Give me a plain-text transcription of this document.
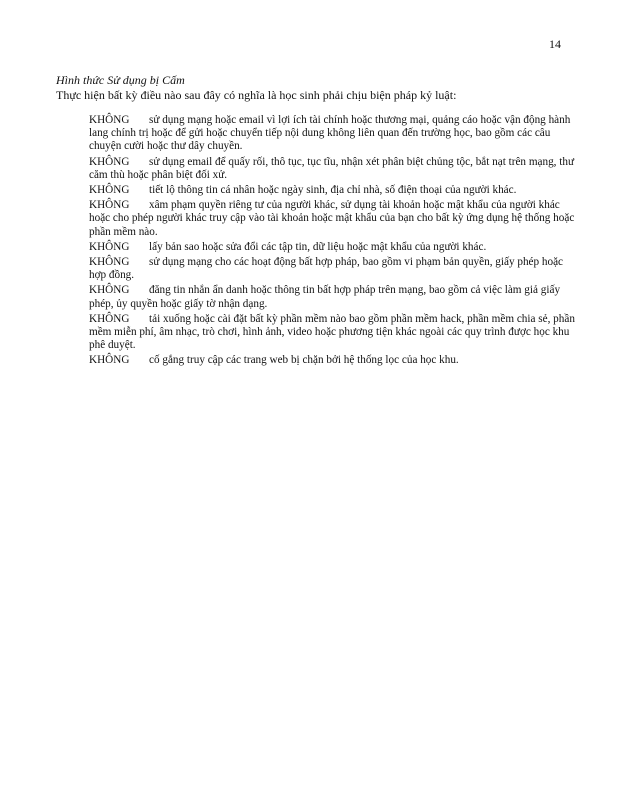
14
Hình thức Sử dụng bị Cấm
Thực hiện bất kỳ điều nào sau đây có nghĩa là học sinh phải chịu biện pháp kỷ luật:
KHÔNG sử dụng mạng hoặc email vì lợi ích tài chính hoặc thương mại, quảng cáo hoặc vận động hành lang chính trị hoặc để gửi hoặc chuyển tiếp nội dung không liên quan đến trường học, bao gồm các câu chuyện cười hoặc thư dây chuyền.
KHÔNG sử dụng email để quấy rối, thô tục, tục tĩu, nhận xét phân biệt chủng tộc, bắt nạt trên mạng, thư căm thù hoặc phân biệt đối xử.
KHÔNG tiết lộ thông tin cá nhân hoặc ngày sinh, địa chỉ nhà, số điện thoại của người khác.
KHÔNG xâm phạm quyền riêng tư của người khác, sử dụng tài khoản hoặc mật khẩu của người khác hoặc cho phép người khác truy cập vào tài khoản hoặc mật khẩu của bạn cho bất kỳ ứng dụng hệ thống hoặc phần mềm nào.
KHÔNG lấy bản sao hoặc sửa đổi các tập tin, dữ liệu hoặc mật khẩu của người khác.
KHÔNG sử dụng mạng cho các hoạt động bất hợp pháp, bao gồm vi phạm bản quyền, giấy phép hoặc hợp đồng.
KHÔNG đăng tin nhắn ẩn danh hoặc thông tin bất hợp pháp trên mạng, bao gồm cả việc làm giả giấy phép, ủy quyền hoặc giấy tờ nhận dạng.
KHÔNG tải xuống hoặc cài đặt bất kỳ phần mềm nào bao gồm phần mềm hack, phần mềm chia sẻ, phần mềm miễn phí, âm nhạc, trò chơi, hình ảnh, video hoặc phương tiện khác ngoài các quy trình được học khu phê duyệt.
KHÔNG cố gắng truy cập các trang web bị chặn bởi hệ thống lọc của học khu.
